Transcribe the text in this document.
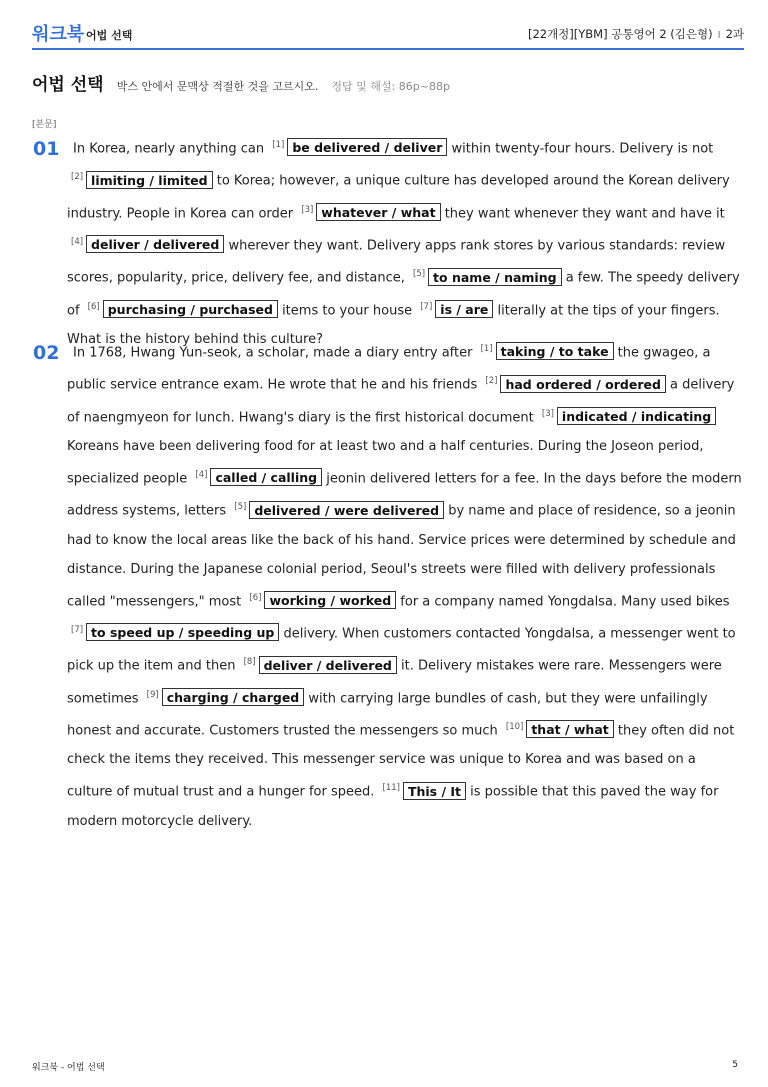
워크북 어법 선택	[22개정][YBM] 공통영어 2 (김은형) I 2과
어법 선택 박스 안에서 문맥상 적절한 것을 고르시오. 정답 및 해설: 86p~88p
[본문]
01	In Korea, nearly anything can [1] be delivered / deliver within twenty-four hours. Delivery is not [2] limiting / limited to Korea; however, a unique culture has developed around the Korean delivery industry. People in Korea can order [3] whatever / what they want whenever they want and have it [4] deliver / delivered wherever they want. Delivery apps rank stores by various standards: review scores, popularity, price, delivery fee, and distance, [5] to name / naming a few. The speedy delivery of [6] purchasing / purchased items to your house [7] is / are literally at the tips of your fingers. What is the history behind this culture?

02	In 1768, Hwang Yun-seok, a scholar, made a diary entry after [1] taking / to take the gwageo, a public service entrance exam. He wrote that he and his friends [2] had ordered / ordered a delivery of naengmyeon for lunch. Hwang's diary is the first historical document [3] indicated / indicating Koreans have been delivering food for at least two and a half centuries. During the Joseon period, specialized people [4] called / calling jeonin delivered letters for a fee. In the days before the modern address systems, letters [5] delivered / were delivered by name and place of residence, so a jeonin had to know the local areas like the back of his hand. Service prices were determined by schedule and distance. During the Japanese colonial period, Seoul's streets were filled with delivery professionals called "messengers," most [6] working / worked for a company named Yongdalsa. Many used bikes [7] to speed up / speeding up delivery. When customers contacted Yongdalsa, a messenger went to pick up the item and then [8] deliver / delivered it. Delivery mistakes were rare. Messengers were sometimes [9] charging / charged with carrying large bundles of cash, but they were unfailingly honest and accurate. Customers trusted the messengers so much [10] that / what they often did not check the items they received. This messenger service was unique to Korea and was based on a culture of mutual trust and a hunger for speed. [11] This / It is possible that this paved the way for modern motorcycle delivery.

워크북 - 어법 선택	5
